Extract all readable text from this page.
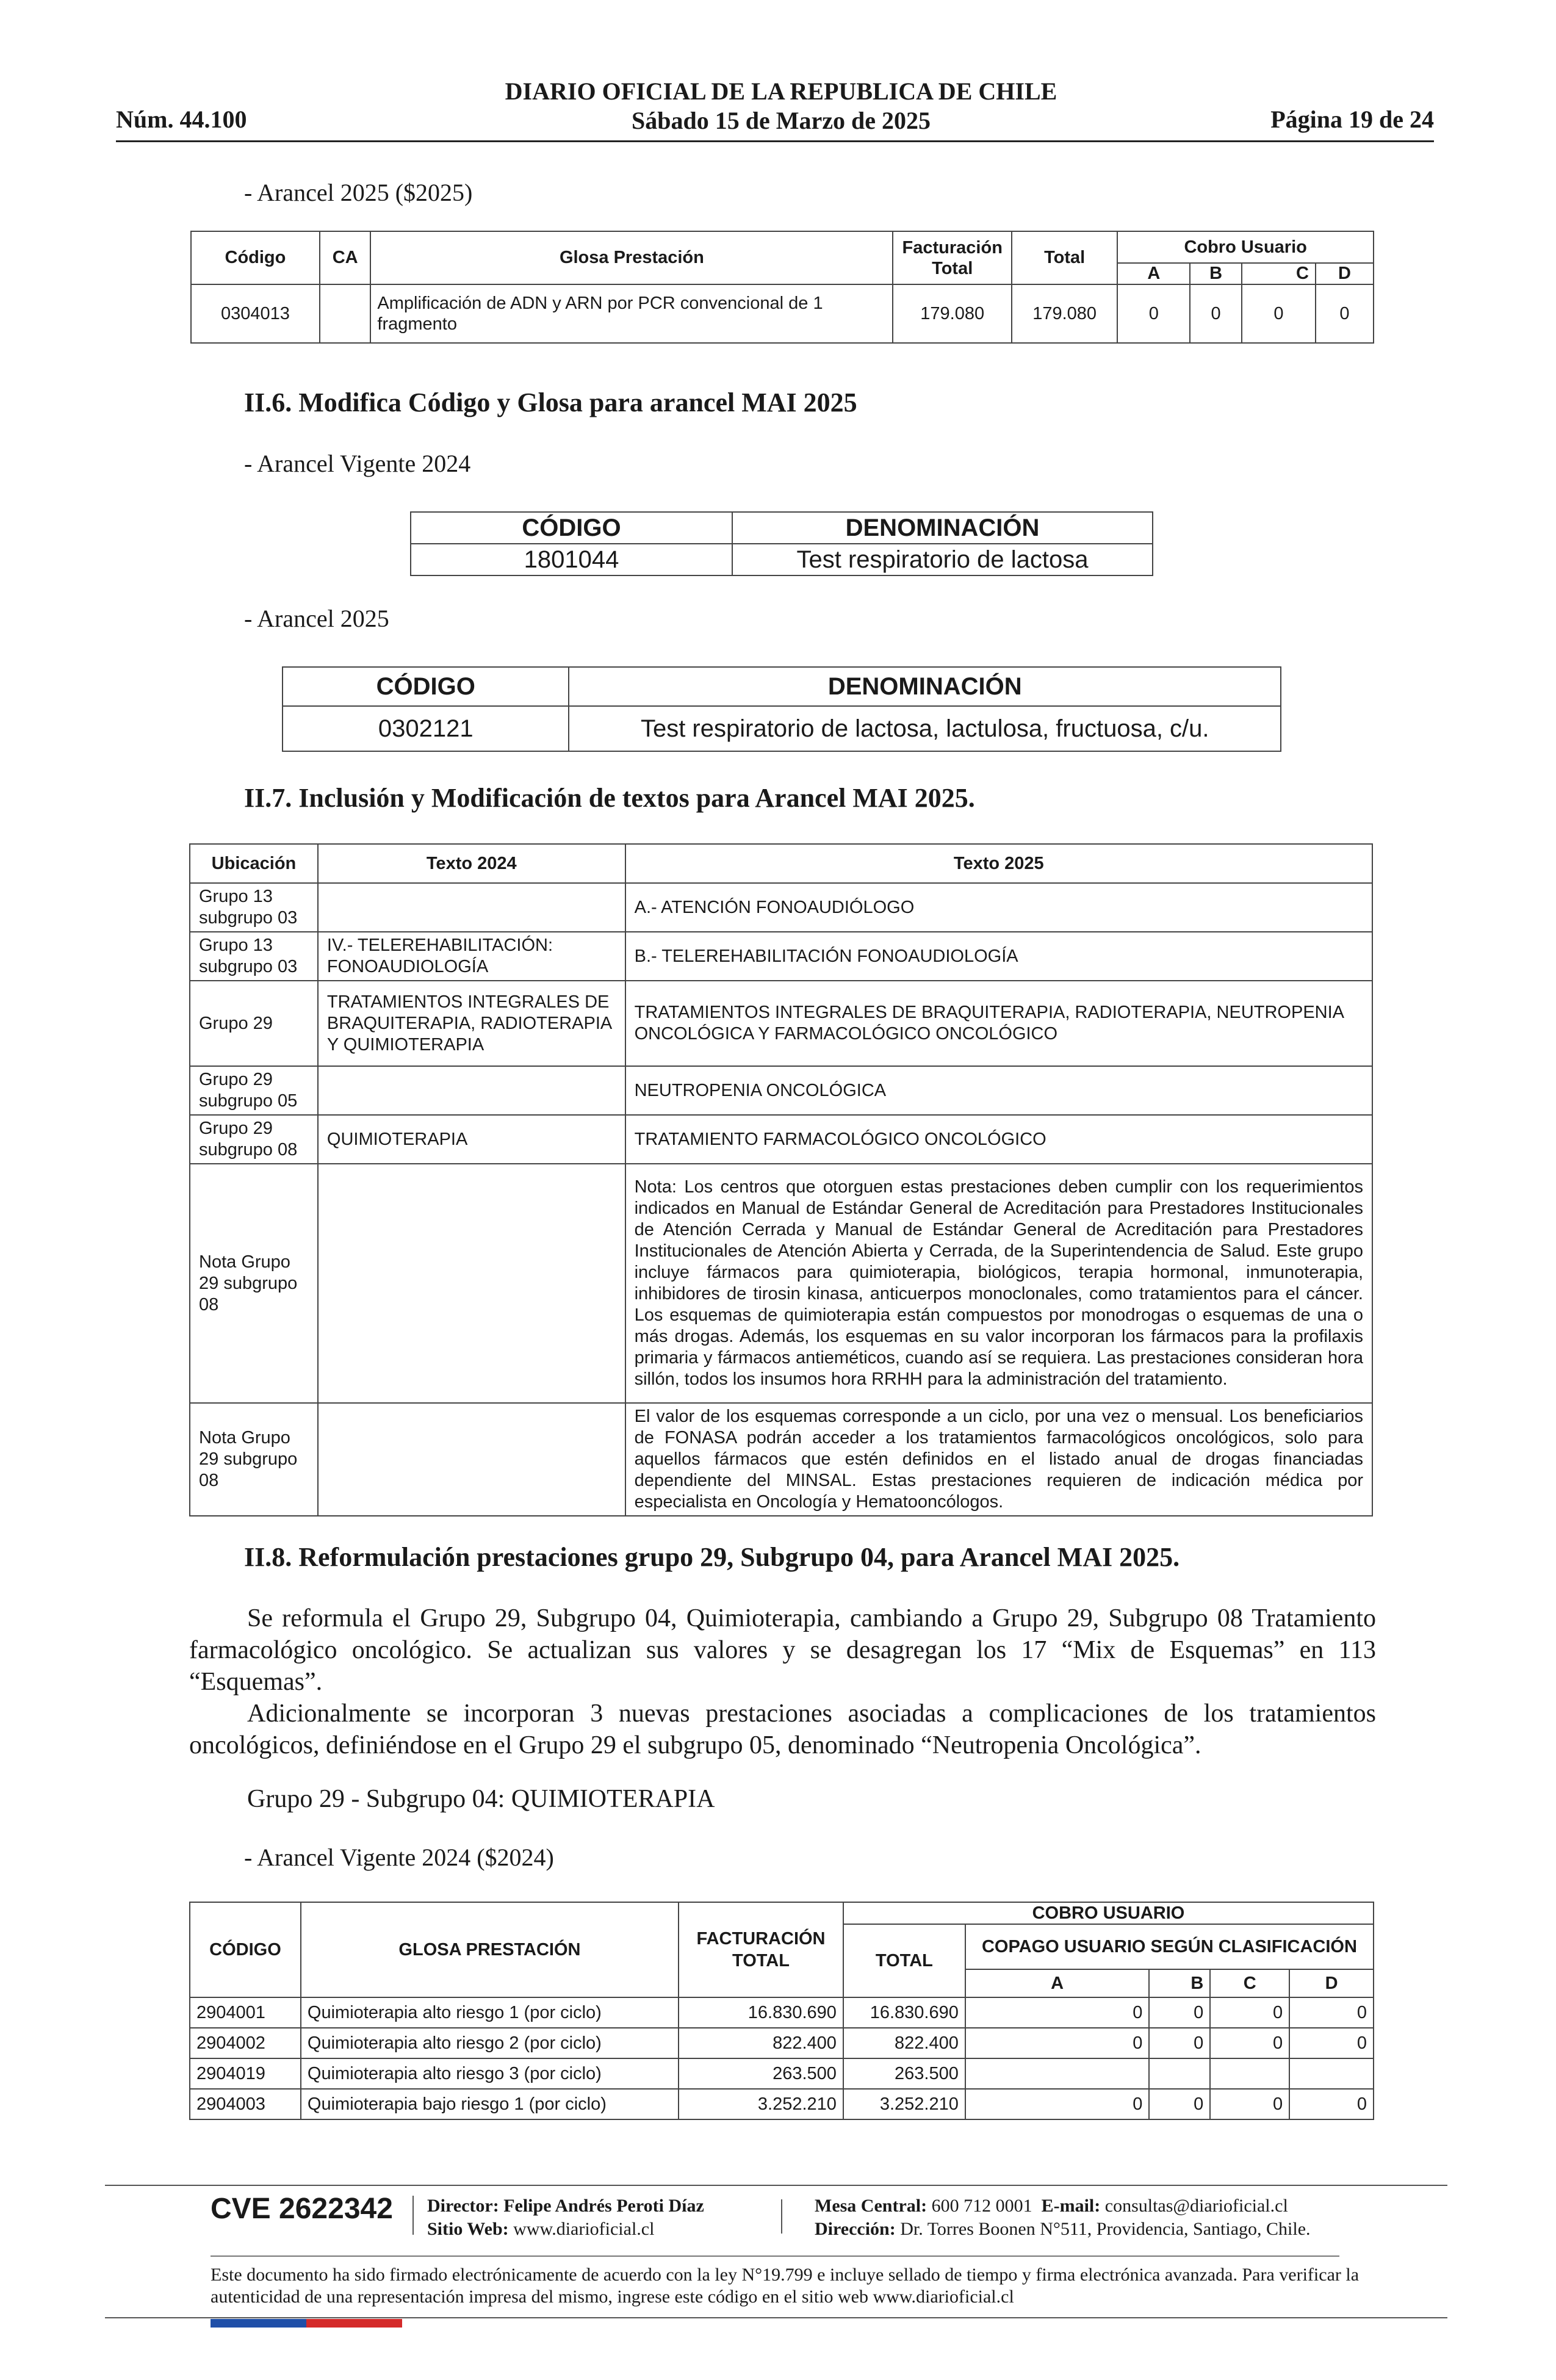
Núm. 44.100
DIARIO OFICIAL DE LA REPUBLICA DE CHILE
Sábado 15 de Marzo de 2025	Página 19 de 24
- Arancel 2025 ($2025)
Código	CA	Glosa Prestación	Facturación Total	Total	Cobro Usuario			
					A	B	C	D
0304013		Amplificación de ADN y ARN por PCR convencional de 1 fragmento	179.080	179.080	0	0	0	0
II.6. Modifica Código y Glosa para arancel MAI 2025
- Arancel Vigente 2024
CÓDIGO	DENOMINACIÓN
1801044	Test respiratorio de lactosa
- Arancel 2025
CÓDIGO	DENOMINACIÓN
0302121	Test respiratorio de lactosa, lactulosa, fructuosa, c/u.
II.7. Inclusión y Modificación de textos para Arancel MAI 2025.
Ubicación	Texto 2024	Texto 2025
Grupo 13 subgrupo 03		A.- ATENCIÓN FONOAUDIÓLOGO
Grupo 13 subgrupo 03	IV.- TELEREHABILITACIÓN: FONOAUDIOLOGÍA	B.- TELEREHABILITACIÓN FONOAUDIOLOGÍA
Grupo 29	TRATAMIENTOS INTEGRALES DE BRAQUITERAPIA, RADIOTERAPIA Y QUIMIOTERAPIA	TRATAMIENTOS INTEGRALES DE BRAQUITERAPIA, RADIOTERAPIA, NEUTROPENIA ONCOLÓGICA Y FARMACOLÓGICO ONCOLÓGICO
Grupo 29 subgrupo 05		NEUTROPENIA ONCOLÓGICA
Grupo 29 subgrupo 08	QUIMIOTERAPIA	TRATAMIENTO FARMACOLÓGICO ONCOLÓGICO
Nota Grupo 29 subgrupo 08		Nota: Los centros que otorguen estas prestaciones deben cumplir con los requerimientos indicados en Manual de Estándar General de Acreditación para Prestadores Institucionales de Atención Cerrada y Manual de Estándar General de Acreditación para Prestadores Institucionales de Atención Abierta y Cerrada, de la Superintendencia de Salud. Este grupo incluye fármacos para quimioterapia, biológicos, terapia hormonal, inmunoterapia, inhibidores de tirosin kinasa, anticuerpos monoclonales, como tratamientos para el cáncer. Los esquemas de quimioterapia están compuestos por monodrogas o esquemas de una o más drogas. Además, los esquemas en su valor incorporan los fármacos para la profilaxis primaria y fármacos antieméticos, cuando así se requiera. Las prestaciones consideran hora sillón, todos los insumos hora RRHH para la administración del tratamiento.
Nota Grupo 29 subgrupo 08		El valor de los esquemas corresponde a un ciclo, por una vez o mensual. Los beneficiarios de FONASA podrán acceder a los tratamientos farmacológicos oncológicos, solo para aquellos fármacos que estén definidos en el listado anual de drogas financiadas dependiente del MINSAL. Estas prestaciones requieren de indicación médica por especialista en Oncología y Hematooncólogos.
II.8. Reformulación prestaciones grupo 29, Subgrupo 04, para Arancel MAI 2025.

Se reformula el Grupo 29, Subgrupo 04, Quimioterapia, cambiando a Grupo 29, Subgrupo 08 Tratamiento farmacológico oncológico. Se actualizan sus valores y se desagregan los 17 “Mix de Esquemas” en 113 “Esquemas”.

Adicionalmente se incorporan 3 nuevas prestaciones asociadas a complicaciones de los tratamientos oncológicos, definiéndose en el Grupo 29 el subgrupo 05, denominado “Neutropenia Oncológica”.

Grupo 29 - Subgrupo 04: QUIMIOTERAPIA
- Arancel Vigente 2024 ($2024)
CÓDIGO	GLOSA PRESTACIÓN	FACTURACIÓN TOTAL	COBRO USUARIO				
			TOTAL	COPAGO USUARIO SEGÚN CLASIFICACIÓN			
				A	B	C	D
2904001	Quimioterapia alto riesgo 1 (por ciclo)	16.830.690	16.830.690	0	0	0	0
2904002	Quimioterapia alto riesgo 2 (por ciclo)	822.400	822.400	0	0	0	0
2904019	Quimioterapia alto riesgo 3 (por ciclo)	263.500	263.500				
2904003	Quimioterapia bajo riesgo 1 (por ciclo)	3.252.210	3.252.210	0	0	0	0
CVE 2622342 Director: Felipe Andrés Peroti Díaz
Sitio Web: www.diarioficial.cl
Mesa Central: 600 712 0001 E-mail: consultas@diarioficial.cl
Dirección: Dr. Torres Boonen N°511, Providencia, Santiago, Chile.
Este documento ha sido firmado electrónicamente de acuerdo con la ley N°19.799 e incluye sellado de tiempo y firma electrónica avanzada. Para verificar la autenticidad de una representación impresa del mismo, ingrese este código en el sitio web www.diarioficial.cl
